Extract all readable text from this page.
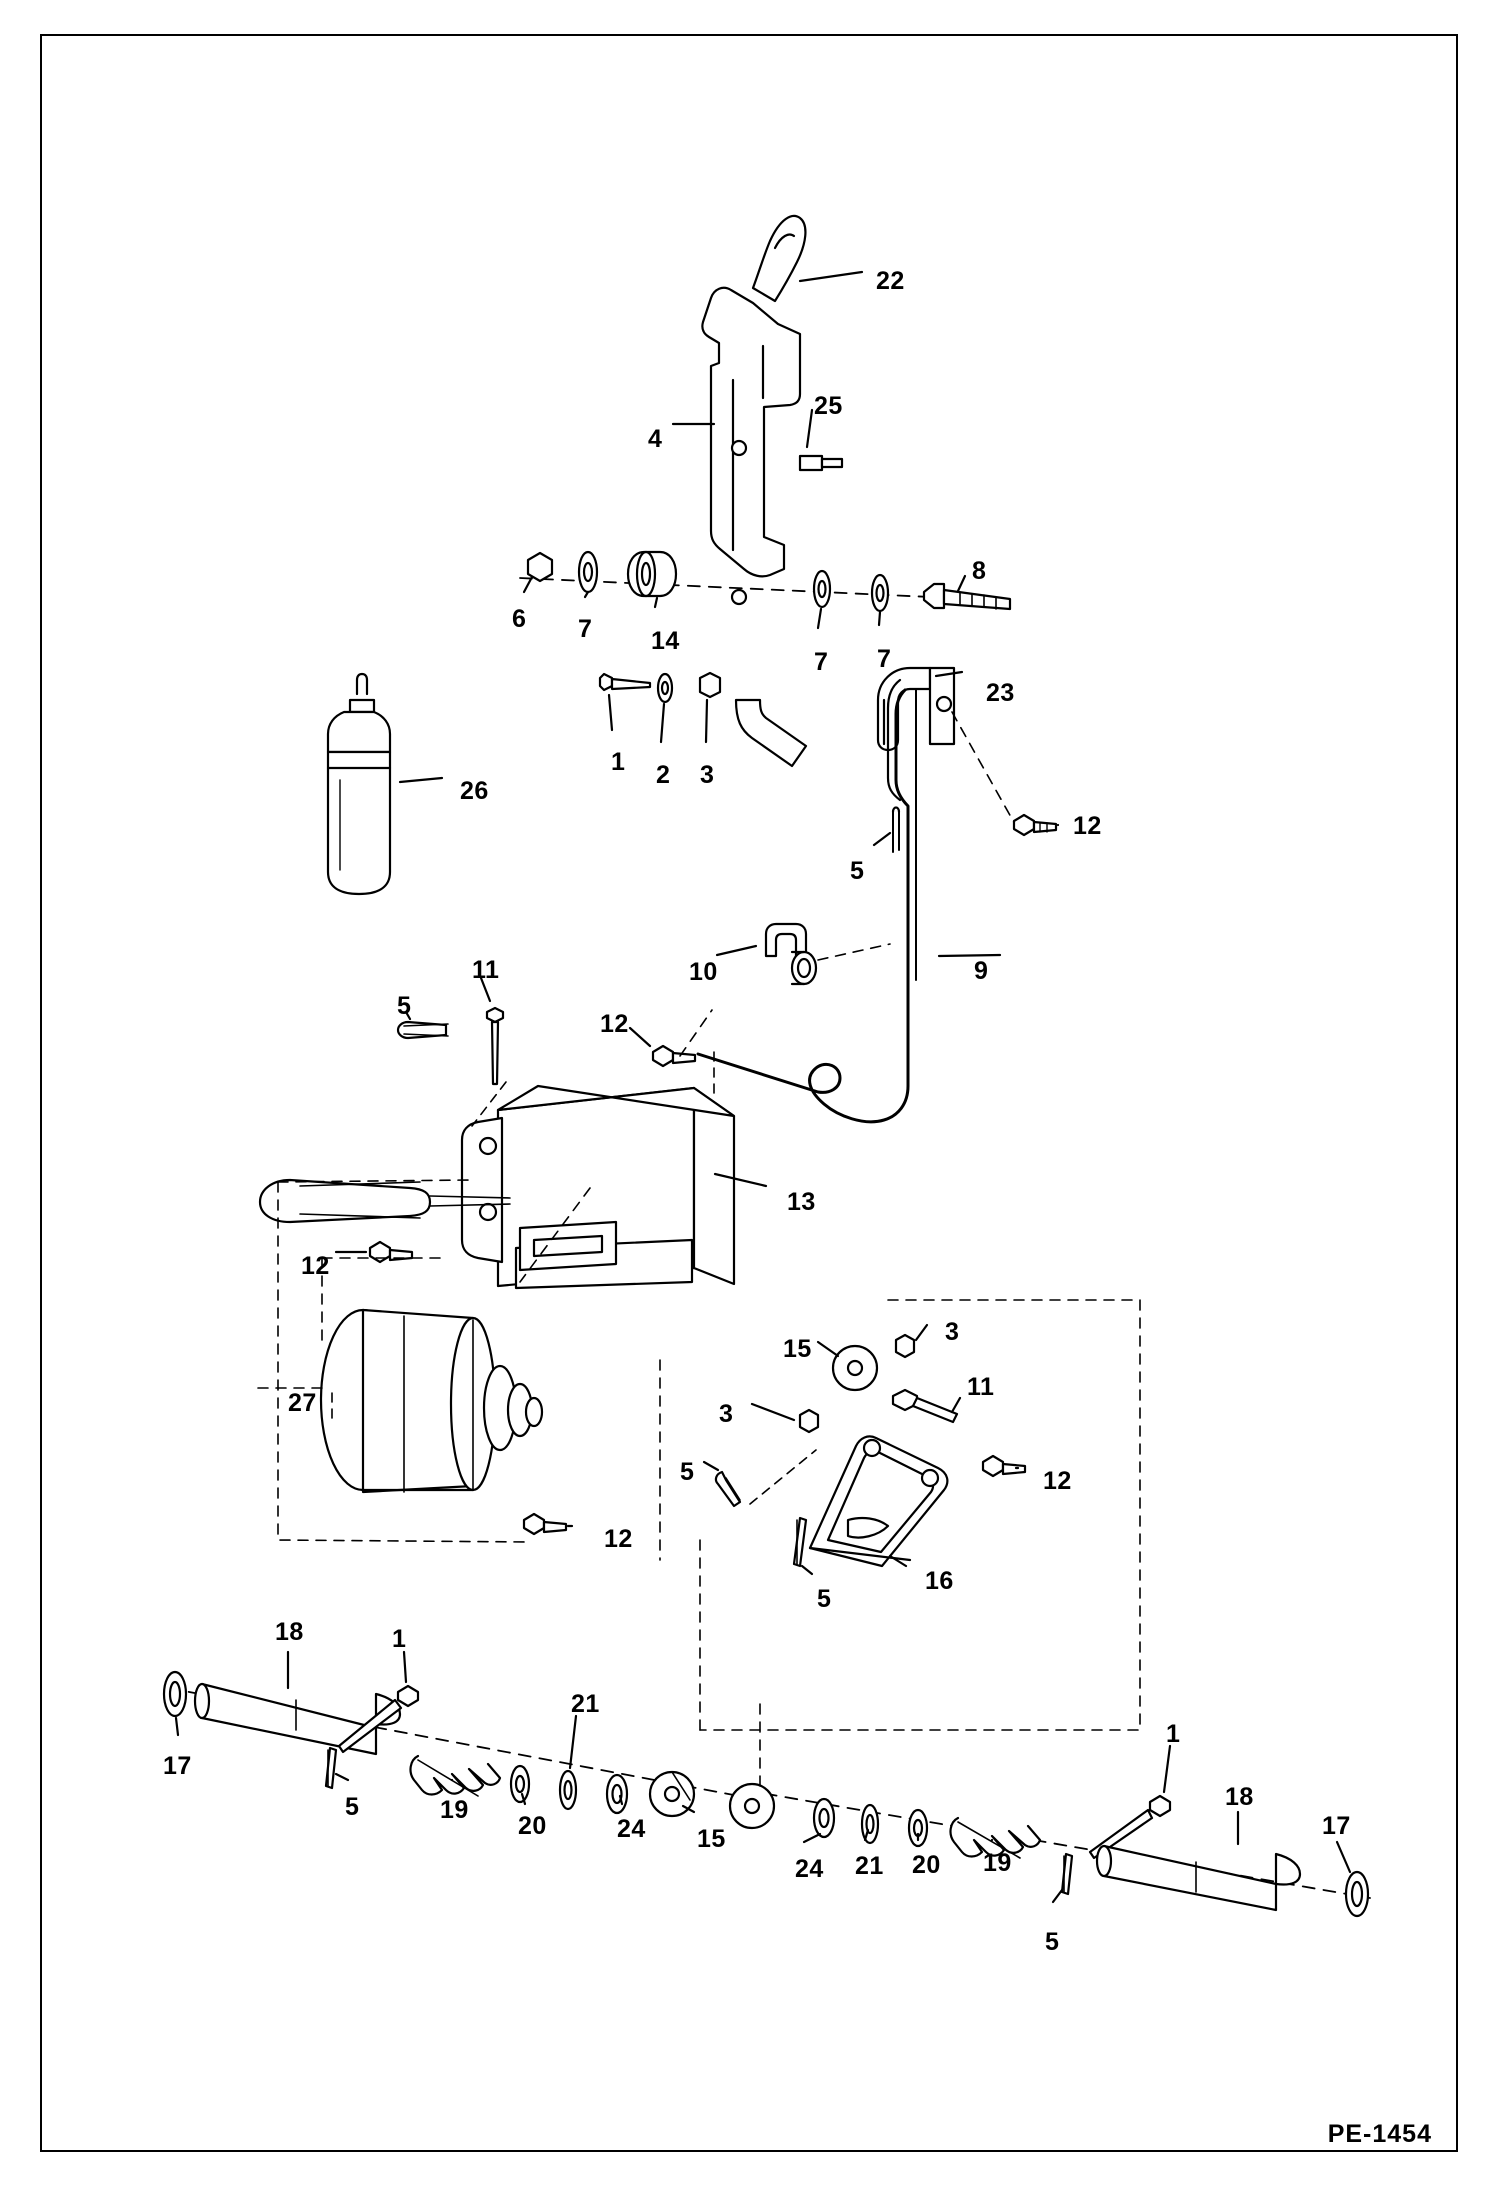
22
25
4
8
6 7 14
7 7
1 2 3
23
12
26
5
11
5
10	9
12
13
12
27
15
3
3
11
12
5
12
16
5
18	1
17
5	19
20
21
24 15
24 21 20 19
1
18
17
5
PE-1454
